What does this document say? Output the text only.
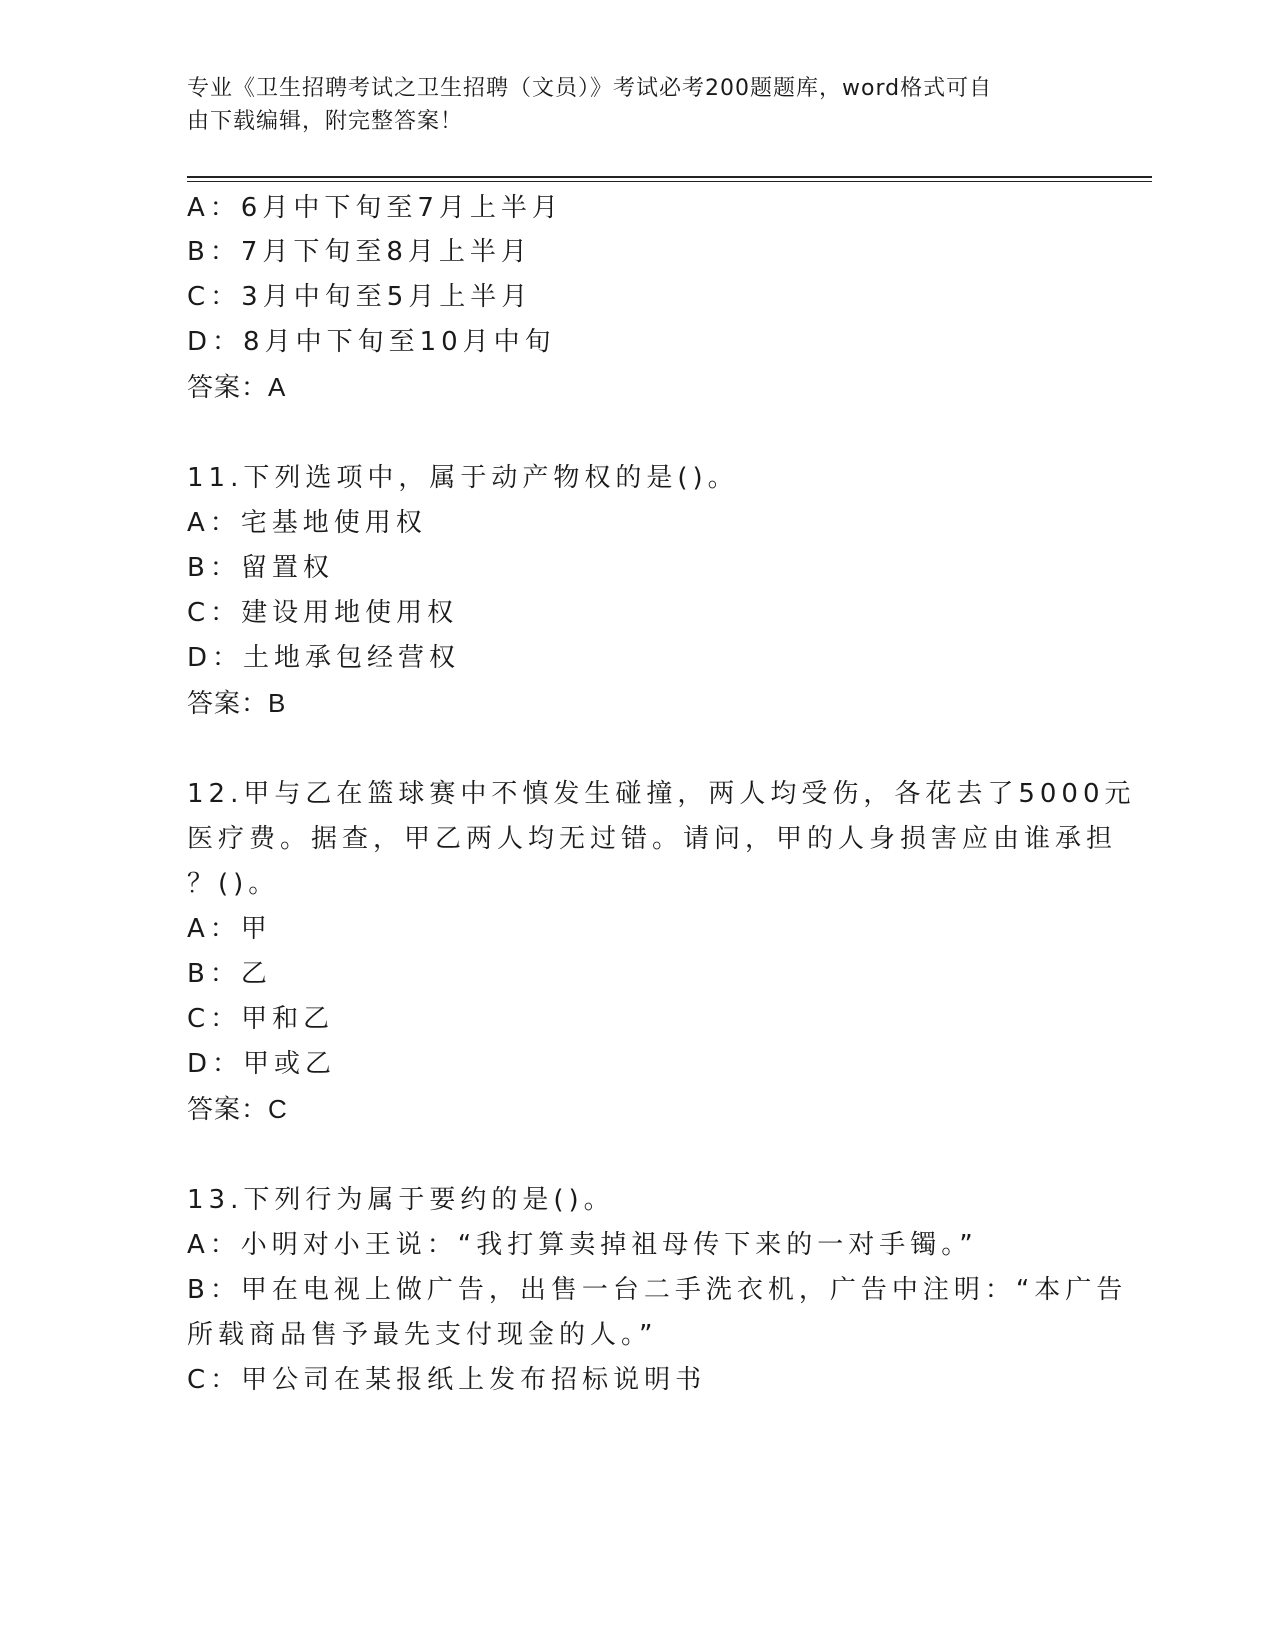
专业《卫生招聘考试之卫生招聘（文员）》考试必考200题题库，word格式可自
由下载编辑，附完整答案！
A：6月中下旬至7月上半月
B：7月下旬至8月上半月
C：3月中旬至5月上半月
D：8月中下旬至10月中旬
答案：A
11.下列选项中，属于动产物权的是()。
A：宅基地使用权
B：留置权
C：建设用地使用权
D：土地承包经营权
答案：B
12.甲与乙在篮球赛中不慎发生碰撞，两人均受伤，各花去了5000元
医疗费。据查，甲乙两人均无过错。请问，甲的人身损害应由谁承担
？()。
A：甲
B：乙
C：甲和乙
D：甲或乙
答案：C
13.下列行为属于要约的是()。
A：小明对小王说：“我打算卖掉祖母传下来的一对手镯。”
B：甲在电视上做广告，出售一台二手洗衣机，广告中注明：“本广告
所载商品售予最先支付现金的人。”
C：甲公司在某报纸上发布招标说明书
